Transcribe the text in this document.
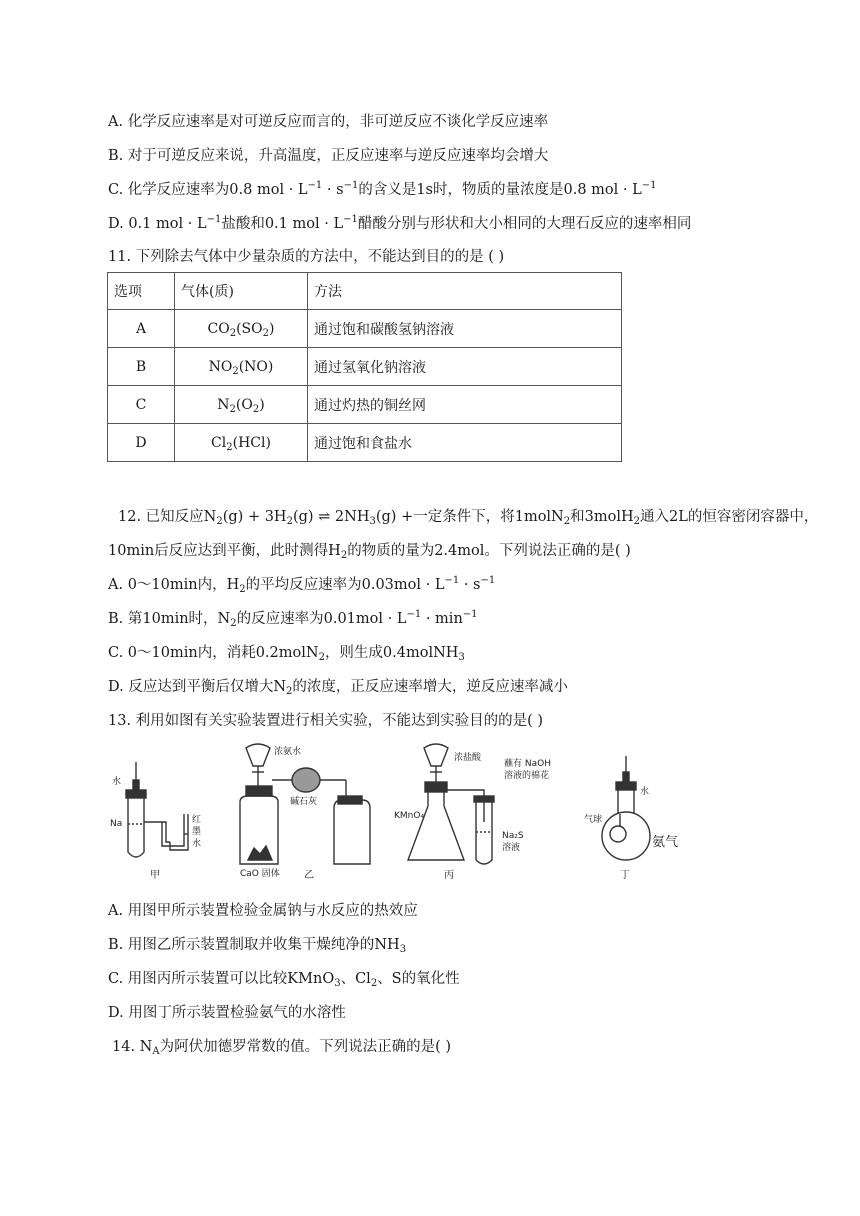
A. 化学反应速率是对可逆反应而言的，非可逆反应不谈化学反应速率
B. 对于可逆反应来说，升高温度，正反应速率与逆反应速率均会增大
C. 化学反应速率为0.8 mol · $L^{-1} \cdot s^{-1}$的含义是1s时，物质的量浓度是0.8 mol · $L^{-1}$
D. 0.1 mol · $L^{-1}$盐酸和0.1 mol · $L^{-1}$醋酸分别与形状和大小相同的大理石反应的速率相同
11. 下列除去气体中少量杂质的方法中，不能达到目的的是 ( )
选项	气体(质)	方法
A	$CO_2(SO_2)$	通过饱和碳酸氢钠溶液
B	$NO_2(NO)$	通过氢氧化钠溶液
C	$N_2(O_2)$	通过灼热的铜丝网
D	$Cl_2(HCl)$	通过饱和食盐水
12. 已知反应$N_2(g) + 3H_2(g)$ ⇌ $2NH_3(g)$ +一定条件下，将1molN$_2$和3molH$_2$通入2L的恒容密闭容器中，
10min后反应达到平衡，此时测得$H_2$的物质的量为2.4mol。下列说法正确的是( )
A. 0～10min内，$H_2$的平均反应速率为$0.03mol \cdot L^{-1} \cdot s^{-1}$
B. 第10min时，$N_2$的反应速率为$0.01mol \cdot L^{-1} \cdot \min^{-1}$
C. 0～10min内，消耗0.2molN$_2$，则生成0.4molNH$_3$
D. 反应达到平衡后仅增大$N_2$的浓度，正反应速率增大，逆反应速率减小
13. 利用如图有关实验装置进行相关实验，不能达到实验目的的是( )
水
Na	红
墨
水
甲
浓氨水
碱石灰
CaO 固体 乙
浓盐酸
KMnO₄
蘸有 NaOH
溶液的棉花
Na₂S
溶液
丙
水
气球
氨气
丁
A. 用图甲所示装置检验金属钠与水反应的热效应
B. 用图乙所示装置制取并收集干燥纯净的$NH_3$
C. 用图丙所示装置可以比较KMnO$_3$、$Cl_2$、S的氧化性
D. 用图丁所示装置检验氨气的水溶性
14. $N_A$为阿伏加德罗常数的值。下列说法正确的是( )
